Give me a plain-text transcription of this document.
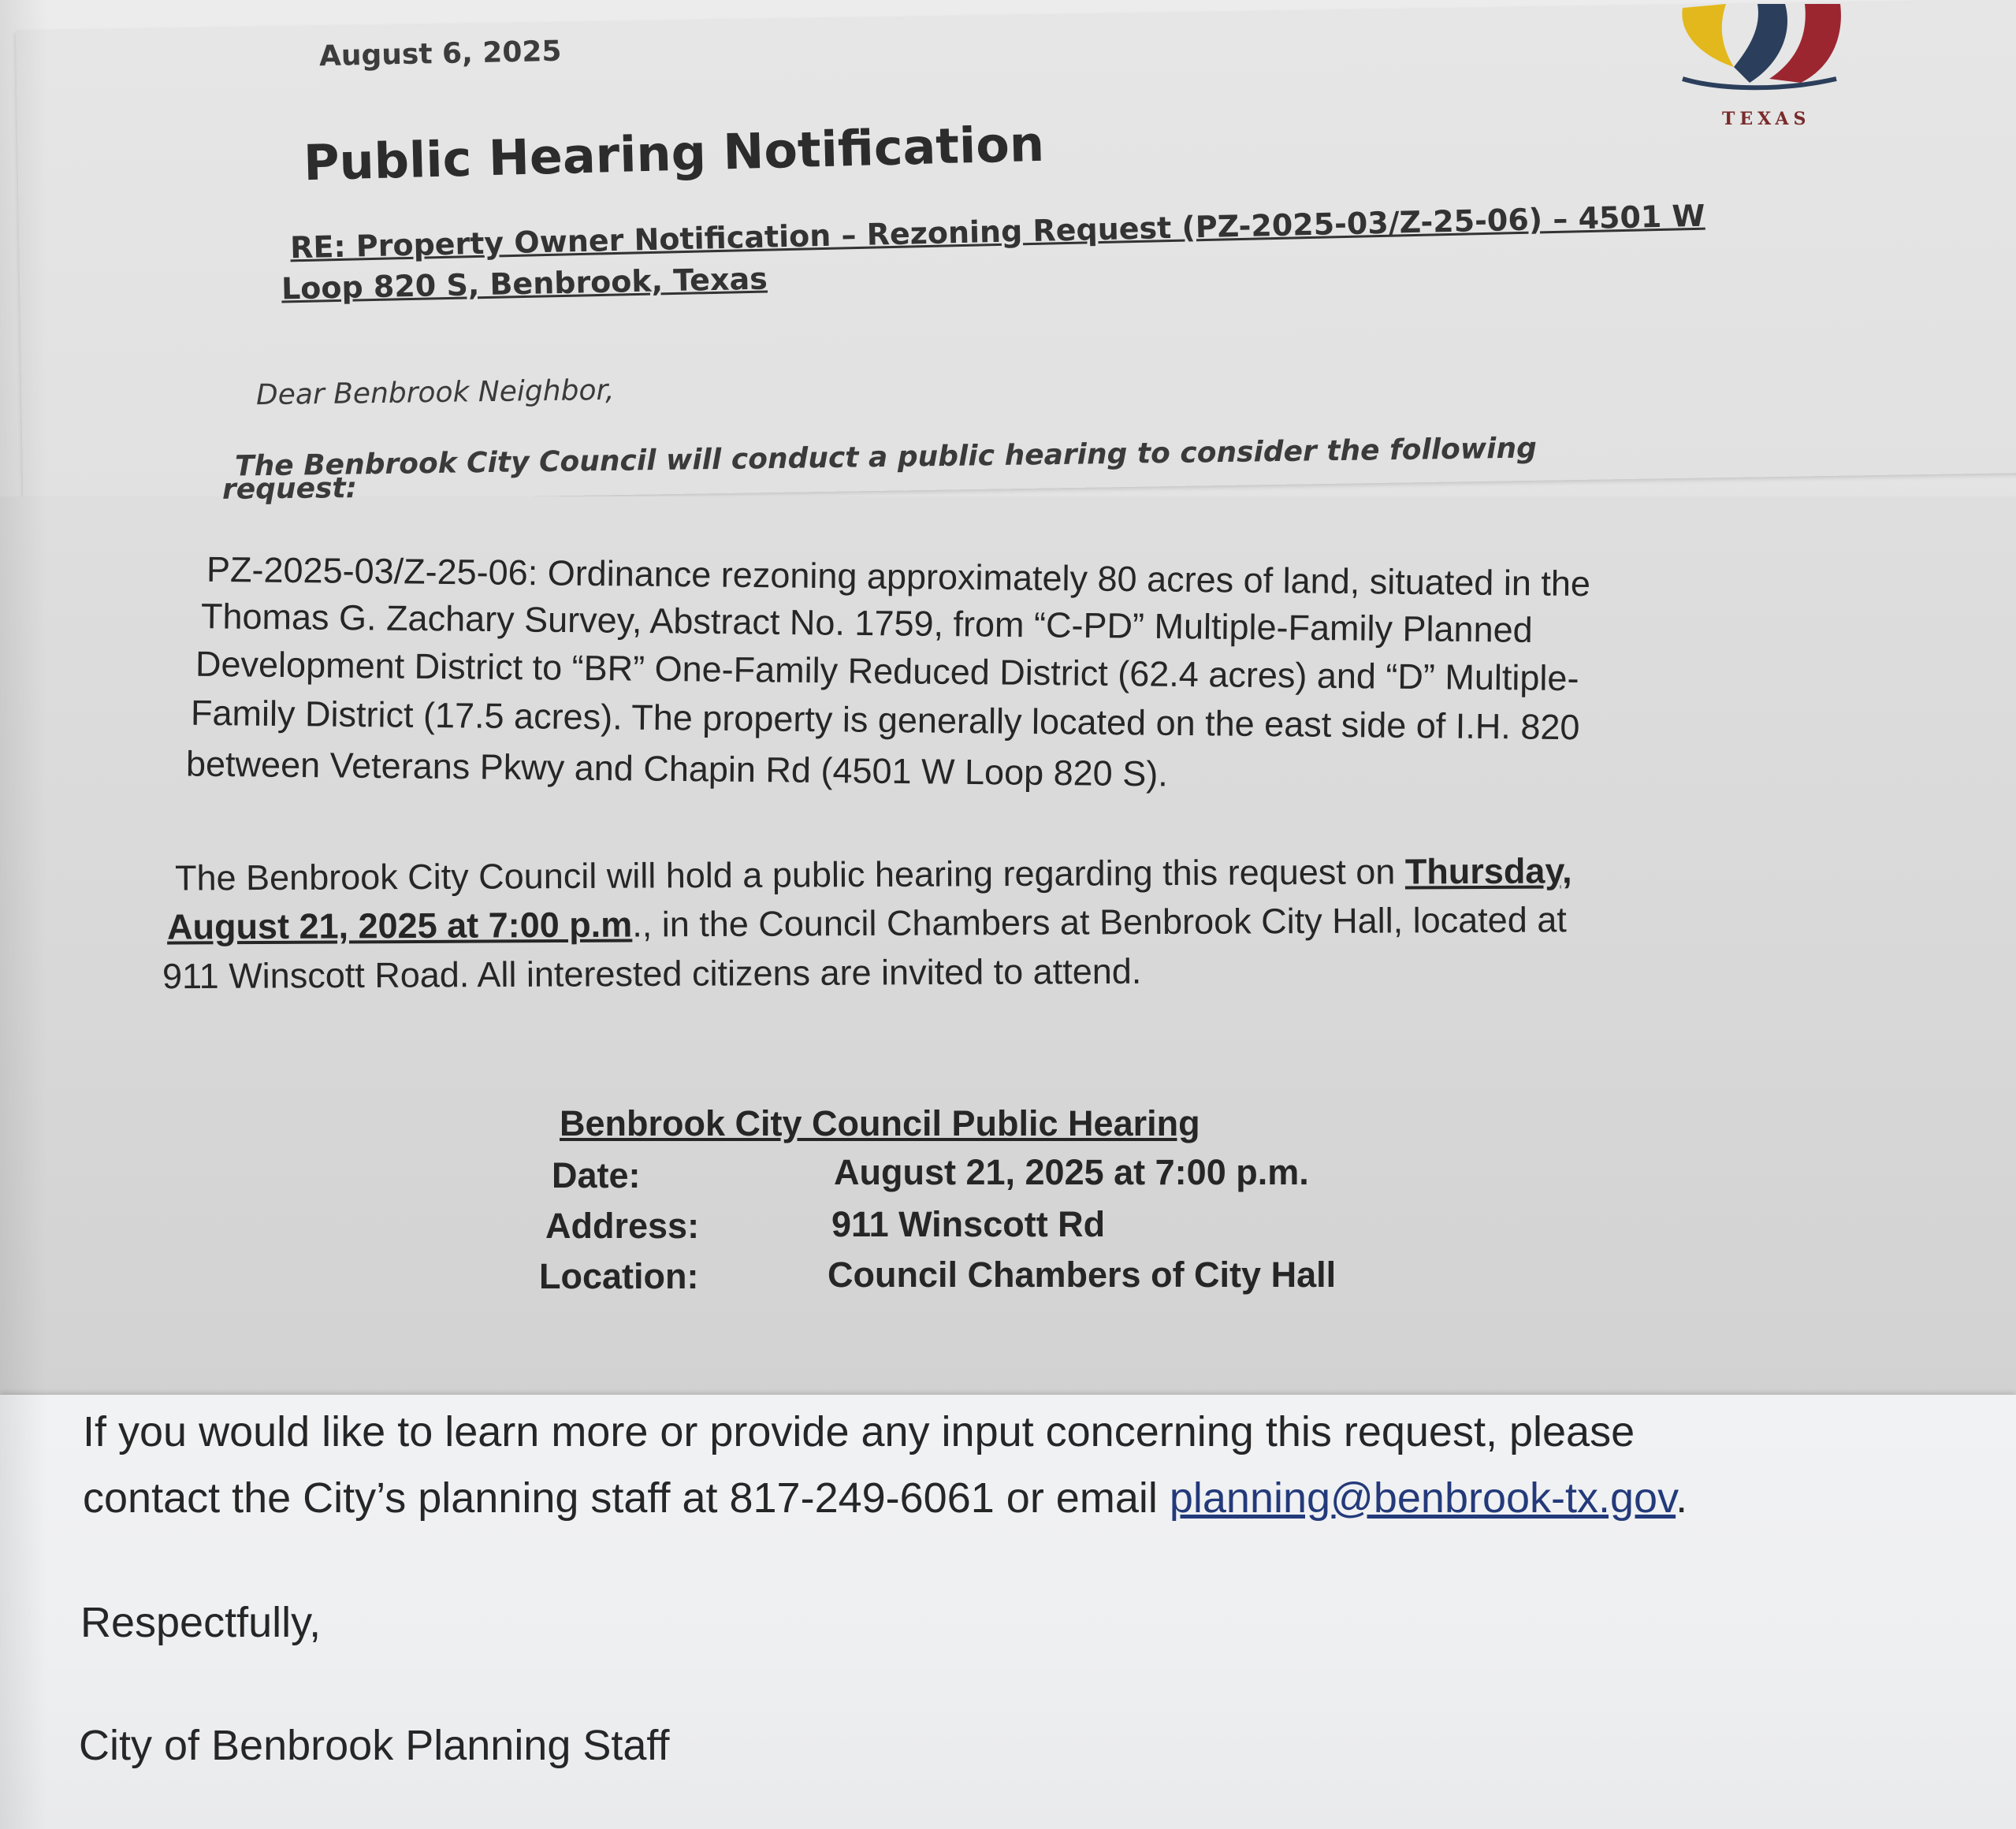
TEXAS
August 6, 2025
Public Hearing Notification
RE: Property Owner Notification – Rezoning Request (PZ-2025-03/Z-25-06) – 4501 W
Loop 820 S, Benbrook, Texas
Dear Benbrook Neighbor,
The Benbrook City Council will conduct a public hearing to consider the following
request:
PZ-2025-03/Z-25-06: Ordinance rezoning approximately 80 acres of land, situated in the
Thomas G. Zachary Survey, Abstract No. 1759, from “C-PD” Multiple-Family Planned
Development District to “BR” One-Family Reduced District (62.4 acres) and “D” Multiple-
Family District (17.5 acres). The property is generally located on the east side of I.H. 820
between Veterans Pkwy and Chapin Rd (4501 W Loop 820 S).
The Benbrook City Council will hold a public hearing regarding this request on Thursday,
August 21, 2025 at 7:00 p.m., in the Council Chambers at Benbrook City Hall, located at
911 Winscott Road. All interested citizens are invited to attend.
Benbrook City Council Public Hearing
Date:	August 21, 2025 at 7:00 p.m.
Address:	911 Winscott Rd
Location:	Council Chambers of City Hall
If you would like to learn more or provide any input concerning this request, please
contact the City’s planning staff at 817-249-6061 or email planning@benbrook-tx.gov.
Respectfully,
City of Benbrook Planning Staff
